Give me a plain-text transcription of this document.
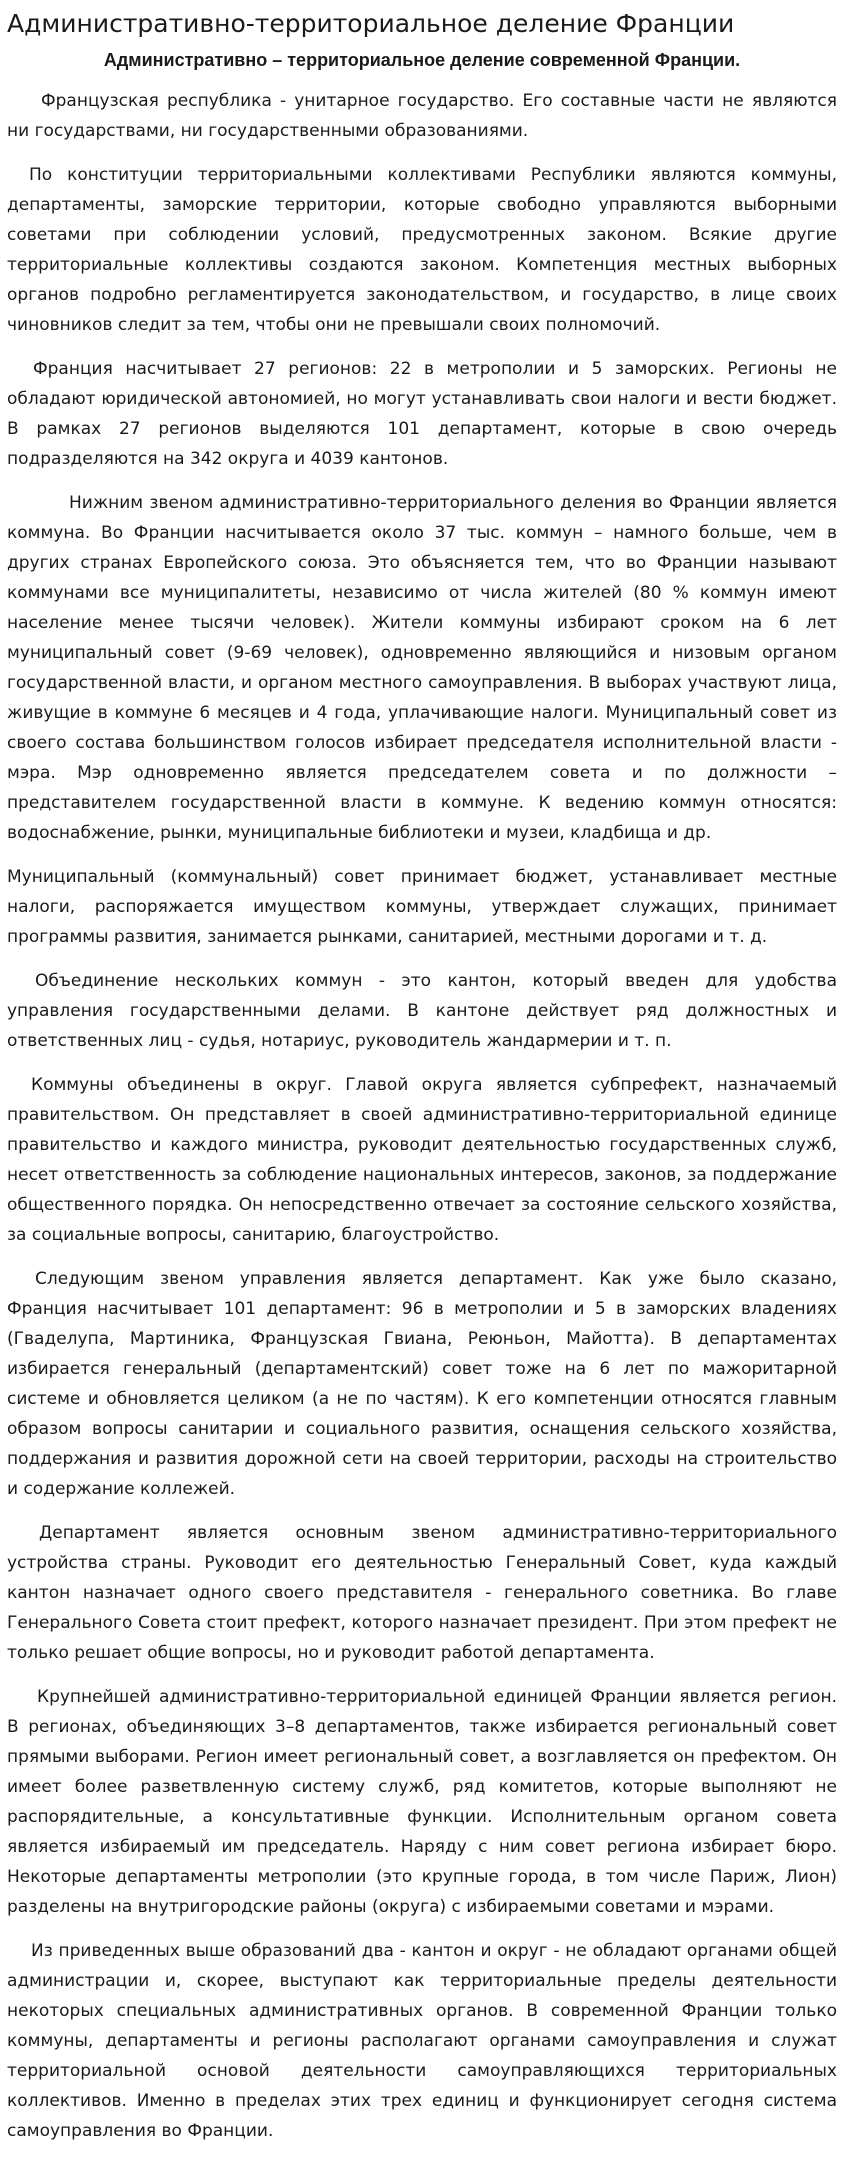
Административно-территориальное деление Франции
Административно – территориальное деление современной Франции.

Французская республика - унитарное государство. Его составные части не являются ни государствами, ни государственными образованиями.

По конституции территориальными коллективами Республики являются коммуны, департаменты, заморские территории, которые свободно управляются выборными советами при соблюдении условий, предусмотренных законом. Всякие другие территориальные коллективы создаются законом. Компетенция местных выборных органов подробно регламентируется законодательством, и государство, в лице своих чиновников следит за тем, чтобы они не превышали своих полномочий.

Франция насчитывает 27 регионов: 22 в метрополии и 5 заморских. Регионы не обладают юридической автономией, но могут устанавливать свои налоги и вести бюджет. В рамках 27 регионов выделяются 101 департамент, которые в свою очередь подразделяются на 342 округа и 4039 кантонов.

Нижним звеном административно-территориального деления во Франции является коммуна. Во Франции насчитывается около 37 тыс. коммун – намного больше, чем в других странах Европейского союза. Это объясняется тем, что во Франции называют коммунами все муниципалитеты, независимо от числа жителей (80 % коммун имеют население менее тысячи человек). Жители коммуны избирают сроком на 6 лет муниципальный совет (9-69 человек), одновременно являющийся и низовым органом государственной власти, и органом местного самоуправления. В выборах участвуют лица, живущие в коммуне 6 месяцев и 4 года, уплачивающие налоги. Муниципальный совет из своего состава большинством голосов избирает председателя исполнительной власти - мэра. Мэр одновременно является председателем совета и по должности – представителем государственной власти в коммуне. К ведению коммун относятся: водоснабжение, рынки, муниципальные библиотеки и музеи, кладбища и др.

Муниципальный (коммунальный) совет принимает бюджет, устанавливает местные налоги, распоряжается имуществом коммуны, утверждает служащих, принимает программы развития, занимается рынками, санитарией, местными дорогами и т. д.

Объединение нескольких коммун - это кантон, который введен для удобства управления государственными делами. В кантоне действует ряд должностных и ответственных лиц - судья, нотариус, руководитель жандармерии и т. п.

Коммуны объединены в округ. Главой округа является субпрефект, назначаемый правительством. Он представляет в своей административно-территориальной единице правительство и каждого министра, руководит деятельностью государственных служб, несет ответственность за соблюдение национальных интересов, законов, за поддержание общественного порядка. Он непосредственно отвечает за состояние сельского хозяйства, за социальные вопросы, санитарию, благоустройство.

Следующим звеном управления является департамент. Как уже было сказано, Франция насчитывает 101 департамент: 96 в метрополии и 5 в заморских владениях (Гваделупа, Мартиника, Французская Гвиана, Реюньон, Майотта). В департаментах избирается генеральный (департаментский) совет тоже на 6 лет по мажоритарной системе и обновляется целиком (а не по частям). К его компетенции относятся главным образом вопросы санитарии и социального развития, оснащения сельского хозяйства, поддержания и развития дорожной сети на своей территории, расходы на строительство и содержание коллежей.

Департамент является основным звеном административно-территориального устройства страны. Руководит его деятельностью Генеральный Совет, куда каждый кантон назначает одного своего представителя - генерального советника. Во главе Генерального Совета стоит префект, которого назначает президент. При этом префект не только решает общие вопросы, но и руководит работой департамента.

Крупнейшей административно-территориальной единицей Франции является регион. В регионах, объединяющих 3–8 департаментов, также избирается региональный совет прямыми выборами. Регион имеет региональный совет, а возглавляется он префектом. Он имеет более разветвленную систему служб, ряд комитетов, которые выполняют не распорядительные, а консультативные функции. Исполнительным органом совета является избираемый им председатель. Наряду с ним совет региона избирает бюро. Некоторые департаменты метрополии (это крупные города, в том числе Париж, Лион) разделены на внутригородские районы (округа) с избираемыми советами и мэрами.

Из приведенных выше образований два - кантон и округ - не обладают органами общей администрации и, скорее, выступают как территориальные пределы деятельности некоторых специальных административных органов. В современной Франции только коммуны, департаменты и регионы располагают органами самоуправления и служат территориальной основой деятельности самоуправляющихся территориальных коллективов. Именно в пределах этих трех единиц и функционирует сегодня система самоуправления во Франции.
